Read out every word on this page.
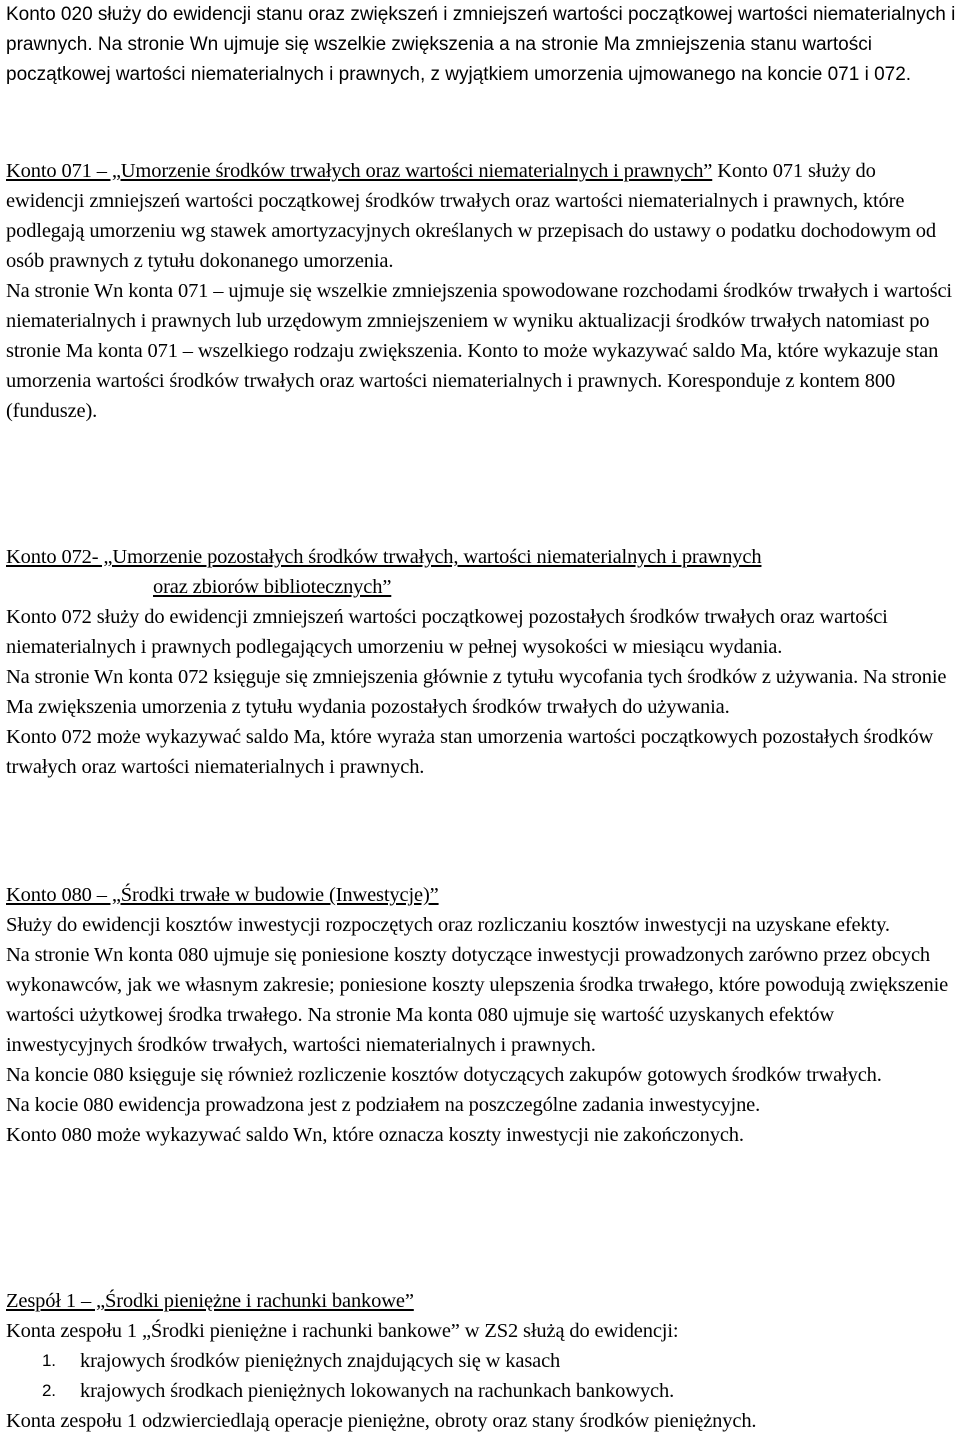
Konto 020 służy do ewidencji stanu oraz zwiększeń i zmniejszeń wartości początkowej wartości niematerialnych i prawnych. Na stronie Wn ujmuje się wszelkie zwiększenia a na stronie Ma zmniejszenia stanu wartości początkowej wartości niematerialnych i prawnych, z wyjątkiem umorzenia ujmowanego na koncie 071 i 072.

Konto 071 – „Umorzenie środków trwałych oraz wartości niematerialnych i prawnych” Konto 071 służy do ewidencji zmniejszeń wartości początkowej środków trwałych oraz wartości niematerialnych i prawnych, które podlegają umorzeniu wg stawek amortyzacyjnych określanych w przepisach do ustawy o podatku dochodowym od osób prawnych z tytułu dokonanego umorzenia.

Na stronie Wn konta 071 – ujmuje się wszelkie zmniejszenia spowodowane rozchodami środków trwałych i wartości niematerialnych i prawnych lub urzędowym zmniejszeniem w wyniku aktualizacji środków trwałych natomiast po stronie Ma konta 071 – wszelkiego rodzaju zwiększenia. Konto to może wykazywać saldo Ma, które wykazuje stan umorzenia wartości środków trwałych oraz wartości niematerialnych i prawnych. Koresponduje z kontem 800 (fundusze).

Konto 072- „Umorzenie pozostałych środków trwałych, wartości niematerialnych i prawnych
oraz zbiorów bibliotecznych”

Konto 072 służy do ewidencji zmniejszeń wartości początkowej pozostałych środków trwałych oraz wartości niematerialnych i prawnych podlegających umorzeniu w pełnej wysokości w miesiącu wydania.

Na stronie Wn konta 072 księguje się zmniejszenia głównie z tytułu wycofania tych środków z używania. Na stronie Ma zwiększenia umorzenia z tytułu wydania pozostałych środków trwałych do używania.

Konto 072 może wykazywać saldo Ma, które wyraża stan umorzenia wartości początkowych pozostałych środków trwałych oraz wartości niematerialnych i prawnych.

Konto 080 – „Środki trwałe w budowie (Inwestycje)”

Służy do ewidencji kosztów inwestycji rozpoczętych oraz rozliczaniu kosztów inwestycji na uzyskane efekty.

Na stronie Wn konta 080 ujmuje się poniesione koszty dotyczące inwestycji prowadzonych zarówno przez obcych wykonawców, jak we własnym zakresie; poniesione koszty ulepszenia środka trwałego, które powodują zwiększenie wartości użytkowej środka trwałego. Na stronie Ma konta 080 ujmuje się wartość uzyskanych efektów inwestycyjnych środków trwałych, wartości niematerialnych i prawnych.

Na koncie 080 księguje się również rozliczenie kosztów dotyczących zakupów gotowych środków trwałych.

Na kocie 080 ewidencja prowadzona jest z podziałem na poszczególne zadania inwestycyjne.

Konto 080 może wykazywać saldo Wn, które oznacza koszty inwestycji nie zakończonych.

Zespół 1 – „Środki pieniężne i rachunki bankowe”

Konta zespołu 1 „Środki pieniężne i rachunki bankowe” w ZS2 służą do ewidencji:

1.	krajowych środków pieniężnych znajdujących się w kasach
2.	krajowych środkach pieniężnych lokowanych na rachunkach bankowych.

Konta zespołu 1 odzwierciedlają operacje pieniężne, obroty oraz stany środków pieniężnych.
